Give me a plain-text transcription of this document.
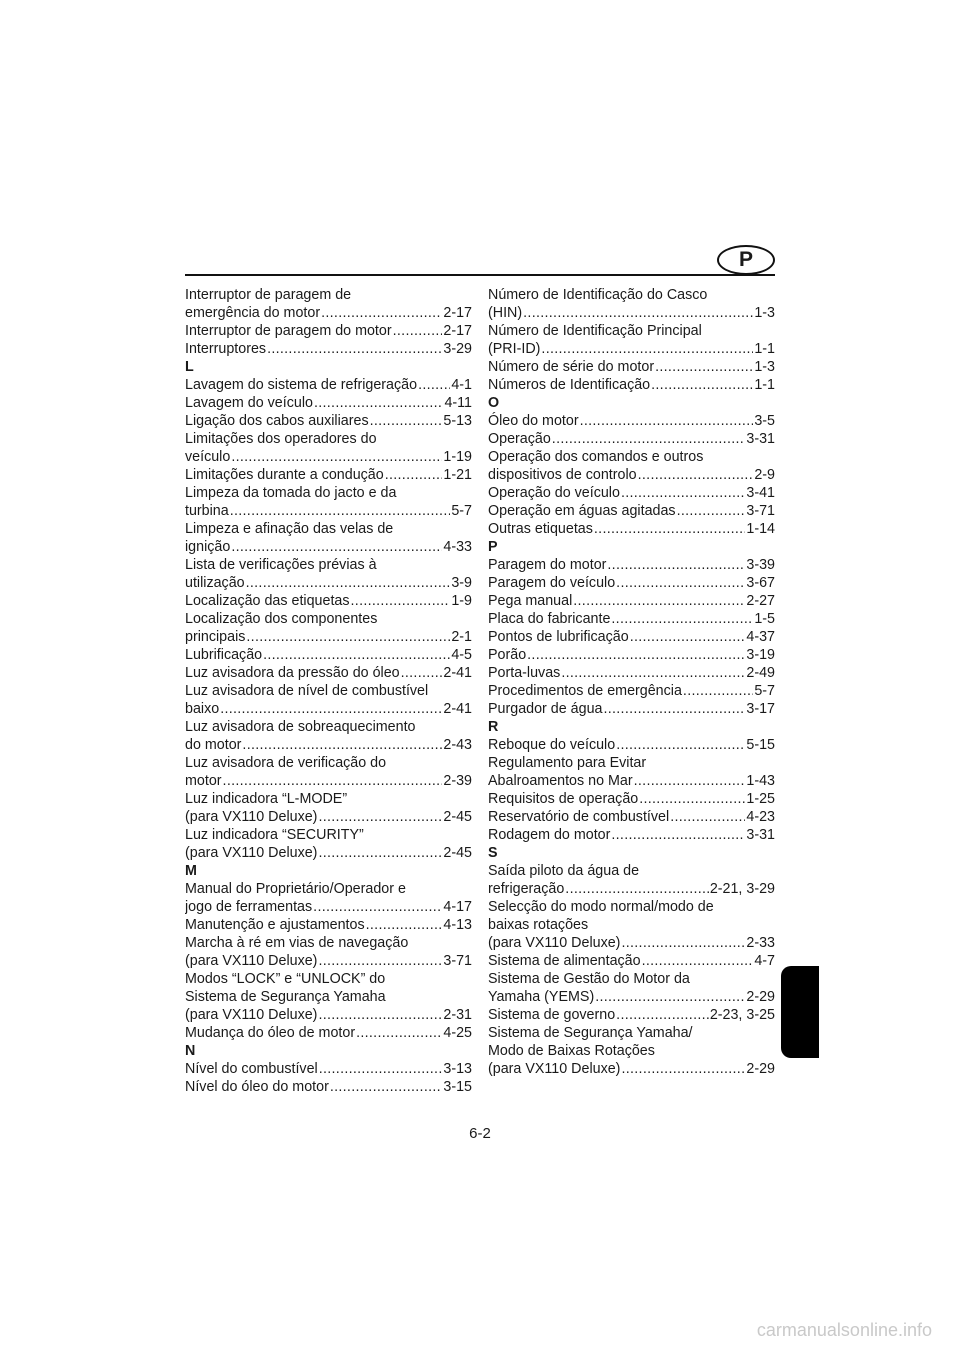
P
Interruptor de paragem de
emergência do motor .....	2-17
Interruptor de paragem do motor .....	2-17
Interruptores .....	3-29
L
Lavagem do sistema de refrigeração ..... 4-1
Lavagem do veículo .....	4-11
Ligação dos cabos auxiliares .....	5-13
Limitações dos operadores do
veículo .....	1-19
Limitações durante a condução .....	1-21
Limpeza da tomada do jacto e da
turbina .....	5-7
Limpeza e afinação das velas de
ignição .....	4-33
Lista de verificações prévias à
utilização .....	3-9
Localização das etiquetas .....	1-9
Localização dos componentes
principais .....	2-1
Lubrificação .....	4-5
Luz avisadora da pressão do óleo .....	2-41
Luz avisadora de nível de combustível
baixo .....	2-41
Luz avisadora de sobreaquecimento
do motor .....	2-43
Luz avisadora de verificação do
motor .....	2-39
Luz indicadora “L-MODE”
(para VX110 Deluxe) .....	2-45
Luz indicadora “SECURITY”
(para VX110 Deluxe) .....	2-45
M
Manual do Proprietário/Operador e
jogo de ferramentas .....	4-17
Manutenção e ajustamentos .....	4-13
Marcha à ré em vias de navegação
(para VX110 Deluxe) .....	3-71
Modos “LOCK” e “UNLOCK” do
Sistema de Segurança Yamaha
(para VX110 Deluxe) .....	2-31
Mudança do óleo de motor .....	4-25
N
Nível do combustível .....	3-13
Nível do óleo do motor .....	3-15
Número de Identificação do Casco
(HIN) .....	1-3
Número de Identificação Principal
(PRI-ID) .....	1-1
Número de série do motor .....	1-3
Números de Identificação .....	1-1
O
Óleo do motor .....	3-5
Operação .....	3-31
Operação dos comandos e outros
dispositivos de controlo .....	2-9
Operação do veículo .....	3-41
Operação em águas agitadas .....	3-71
Outras etiquetas .....	1-14
P
Paragem do motor .....	3-39
Paragem do veículo .....	3-67
Pega manual .....	2-27
Placa do fabricante .....	1-5
Pontos de lubrificação .....	4-37
Porão .....	3-19
Porta-luvas .....	2-49
Procedimentos de emergência .....	5-7
Purgador de água .....	3-17
R
Reboque do veículo .....	5-15
Regulamento para Evitar
Abalroamentos no Mar .....	1-43
Requisitos de operação .....	1-25
Reservatório de combustível .....	4-23
Rodagem do motor .....	3-31
S
Saída piloto da água de
refrigeração .....	2-21, 3-29
Selecção do modo normal/modo de
baixas rotações
(para VX110 Deluxe) .....	2-33
Sistema de alimentação .....	4-7
Sistema de Gestão do Motor da
Yamaha (YEMS) .....	2-29
Sistema de governo .....	2-23, 3-25
Sistema de Segurança Yamaha/
Modo de Baixas Rotações
(para VX110 Deluxe) .....	2-29
6-2
carmanualsonline.info
